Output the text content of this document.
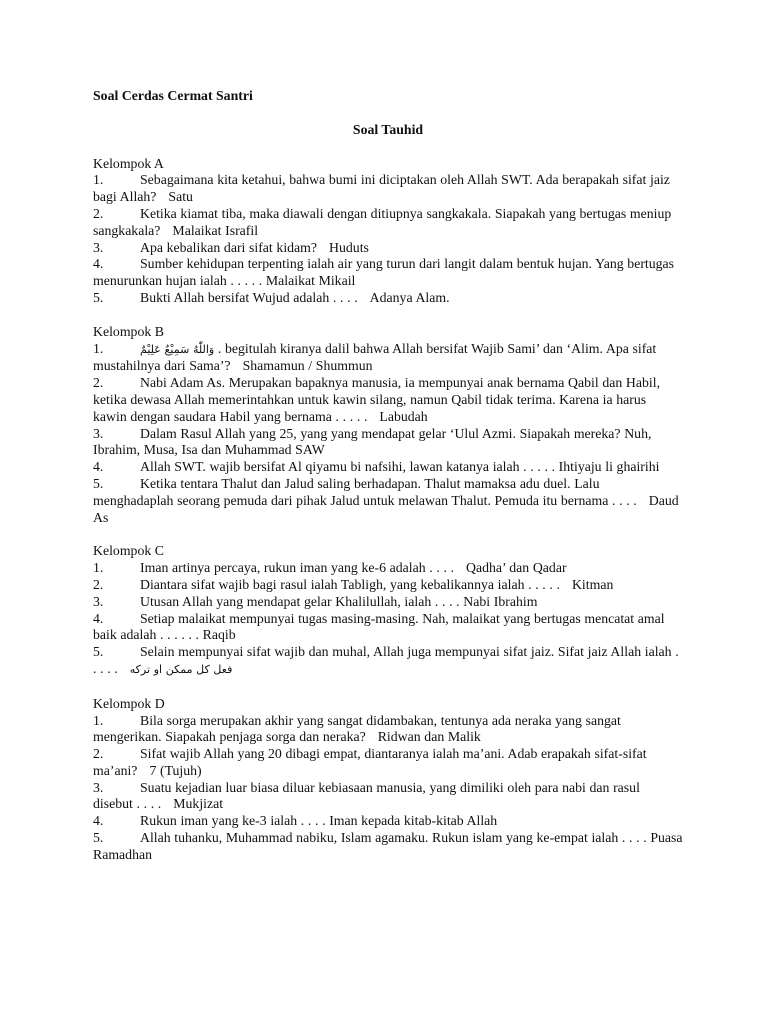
Soal Cerdas Cermat Santri
Soal Tauhid
Kelompok A
1.	Sebagaimana kita ketahui, bahwa bumi ini diciptakan oleh Allah SWT. Ada berapakah sifat jaiz bagi Allah? Satu
2.	Ketika kiamat tiba, maka diawali dengan ditiupnya sangkakala. Siapakah yang bertugas meniup sangkakala? Malaikat Israfil
3.	Apa kebalikan dari sifat kidam? Huduts
4.	Sumber kehidupan terpenting ialah air yang turun dari langit dalam bentuk hujan. Yang bertugas menurunkan hujan ialah . . . . . Malaikat Mikail
5.	Bukti Allah bersifat Wujud adalah . . . . Adanya Alam.
Kelompok B
1.	وَاللّٰهُ سَمِيْعٌ عَلِيْمٌ . begitulah kiranya dalil bahwa Allah bersifat Wajib Sami’ dan ‘Alim. Apa sifat mustahilnya dari Sama’? Shamamun / Shummun
2.	Nabi Adam As. Merupakan bapaknya manusia, ia mempunyai anak bernama Qabil dan Habil, ketika dewasa Allah memerintahkan untuk kawin silang, namun Qabil tidak terima. Karena ia harus kawin dengan saudara Habil yang bernama . . . . . Labudah
3.	Dalam Rasul Allah yang 25, yang yang mendapat gelar ‘Ulul Azmi. Siapakah mereka? Nuh, Ibrahim, Musa, Isa dan Muhammad SAW
4.	Allah SWT. wajib bersifat Al qiyamu bi nafsihi, lawan katanya ialah . . . . . Ihtiyaju li ghairihi
5.	Ketika tentara Thalut dan Jalud saling berhadapan. Thalut mamaksa adu duel. Lalu menghadaplah seorang pemuda dari pihak Jalud untuk melawan Thalut. Pemuda itu bernama . . . . Daud As
Kelompok C
1.	Iman artinya percaya, rukun iman yang ke-6 adalah . . . . Qadha’ dan Qadar
2.	Diantara sifat wajib bagi rasul ialah Tabligh, yang kebalikannya ialah . . . . . Kitman
3.	Utusan Allah yang mendapat gelar Khalilullah, ialah . . . . Nabi Ibrahim
4.	Setiap malaikat mempunyai tugas masing-masing. Nah, malaikat yang bertugas mencatat amal baik adalah . . . . . . Raqib
5.	Selain mempunyai sifat wajib dan muhal, Allah juga mempunyai sifat jaiz. Sifat jaiz Allah ialah . . . . . فعل كل ممكن او تركه
Kelompok D
1.	Bila sorga merupakan akhir yang sangat didambakan, tentunya ada neraka yang sangat mengerikan. Siapakah penjaga sorga dan neraka? Ridwan dan Malik
2.	Sifat wajib Allah yang 20 dibagi empat, diantaranya ialah ma’ani. Adab erapakah sifat-sifat ma’ani? 7 (Tujuh)
3.	Suatu kejadian luar biasa diluar kebiasaan manusia, yang dimiliki oleh para nabi dan rasul disebut . . . . Mukjizat
4.	Rukun iman yang ke-3 ialah . . . . Iman kepada kitab-kitab Allah
5.	Allah tuhanku, Muhammad nabiku, Islam agamaku. Rukun islam yang ke-empat ialah . . . . Puasa Ramadhan
